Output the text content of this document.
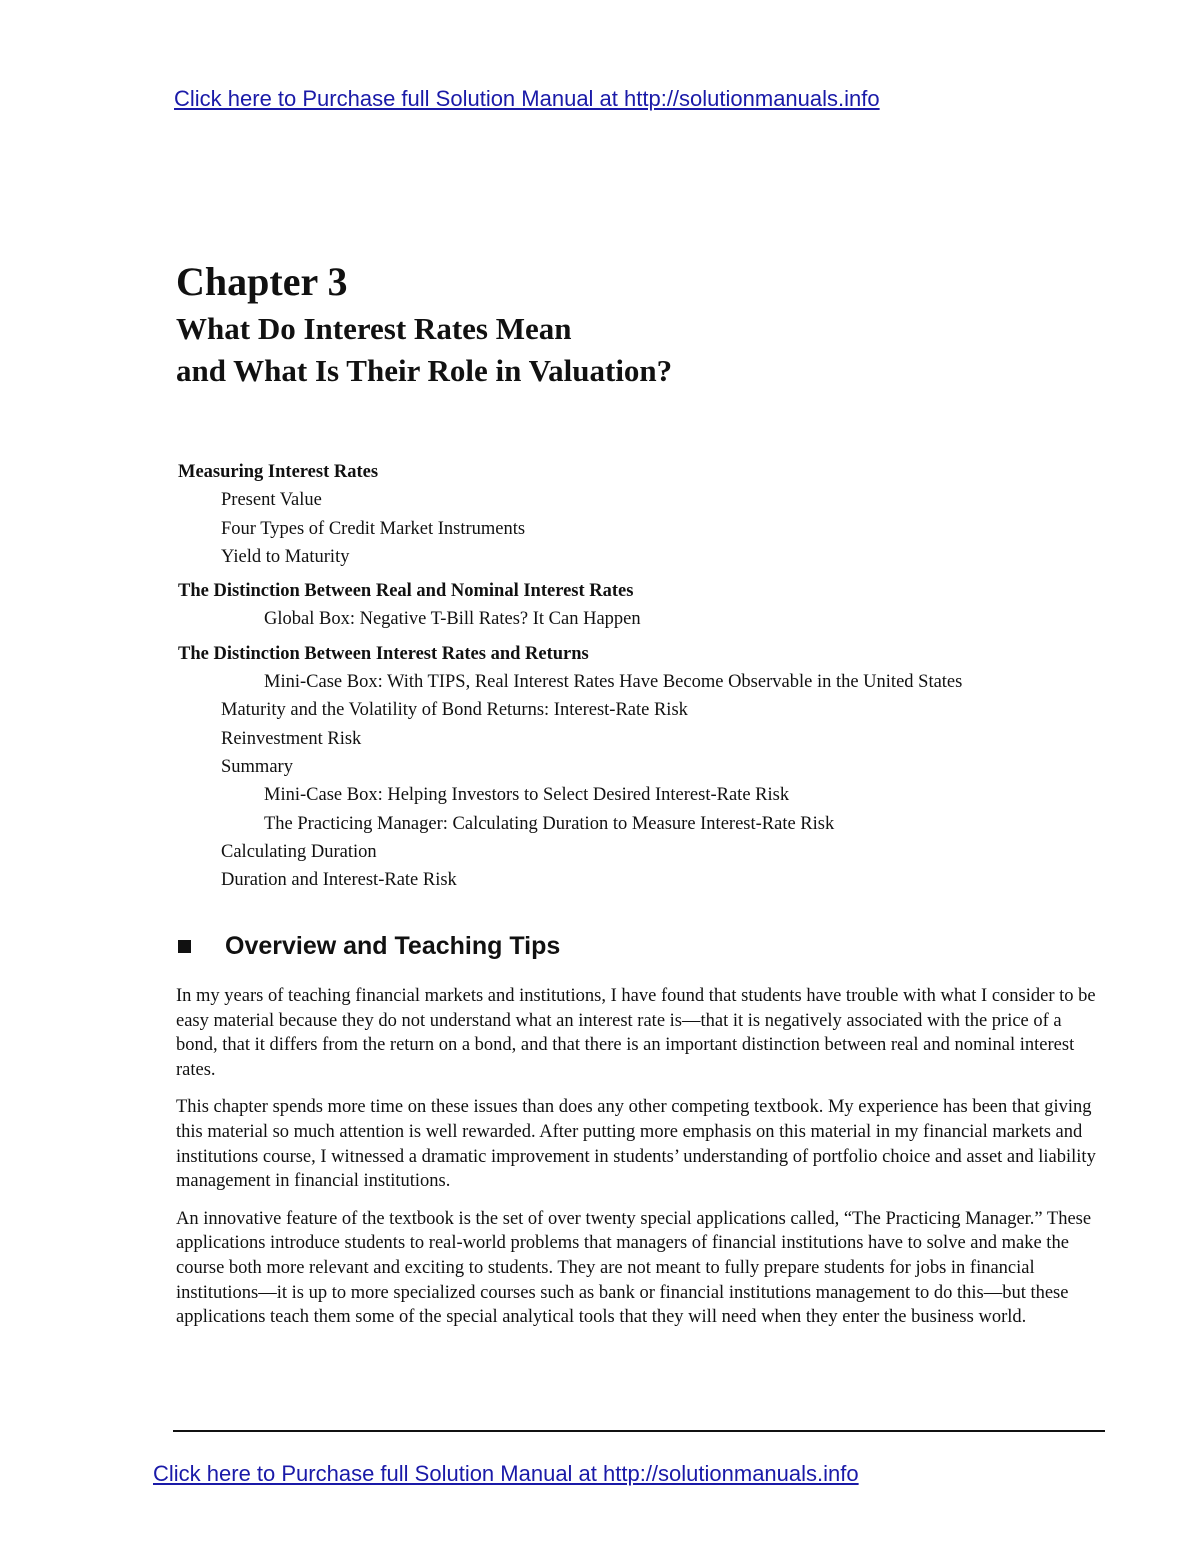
Click here to Purchase full Solution Manual at http://solutionmanuals.info
Chapter 3
What Do Interest Rates Mean
and What Is Their Role in Valuation?
Measuring Interest Rates
Present Value
Four Types of Credit Market Instruments
Yield to Maturity
The Distinction Between Real and Nominal Interest Rates
Global Box: Negative T-Bill Rates? It Can Happen
The Distinction Between Interest Rates and Returns
Mini-Case Box: With TIPS, Real Interest Rates Have Become Observable in the United States
Maturity and the Volatility of Bond Returns: Interest-Rate Risk
Reinvestment Risk
Summary
Mini-Case Box: Helping Investors to Select Desired Interest-Rate Risk
The Practicing Manager: Calculating Duration to Measure Interest-Rate Risk
Calculating Duration
Duration and Interest-Rate Risk
Overview and Teaching Tips

In my years of teaching financial markets and institutions, I have found that students have trouble with what I consider to be easy material because they do not understand what an interest rate is—that it is negatively associated with the price of a bond, that it differs from the return on a bond, and that there is an important distinction between real and nominal interest rates.

This chapter spends more time on these issues than does any other competing textbook. My experience has been that giving this material so much attention is well rewarded. After putting more emphasis on this material in my financial markets and institutions course, I witnessed a dramatic improvement in students’ understanding of portfolio choice and asset and liability management in financial institutions.

An innovative feature of the textbook is the set of over twenty special applications called, “The Practicing Manager.” These applications introduce students to real-world problems that managers of financial institutions have to solve and make the course both more relevant and exciting to students. They are not meant to fully prepare students for jobs in financial institutions—it is up to more specialized courses such as bank or financial institutions management to do this—but these applications teach them some of the special analytical tools that they will need when they enter the business world.

Click here to Purchase full Solution Manual at http://solutionmanuals.info
